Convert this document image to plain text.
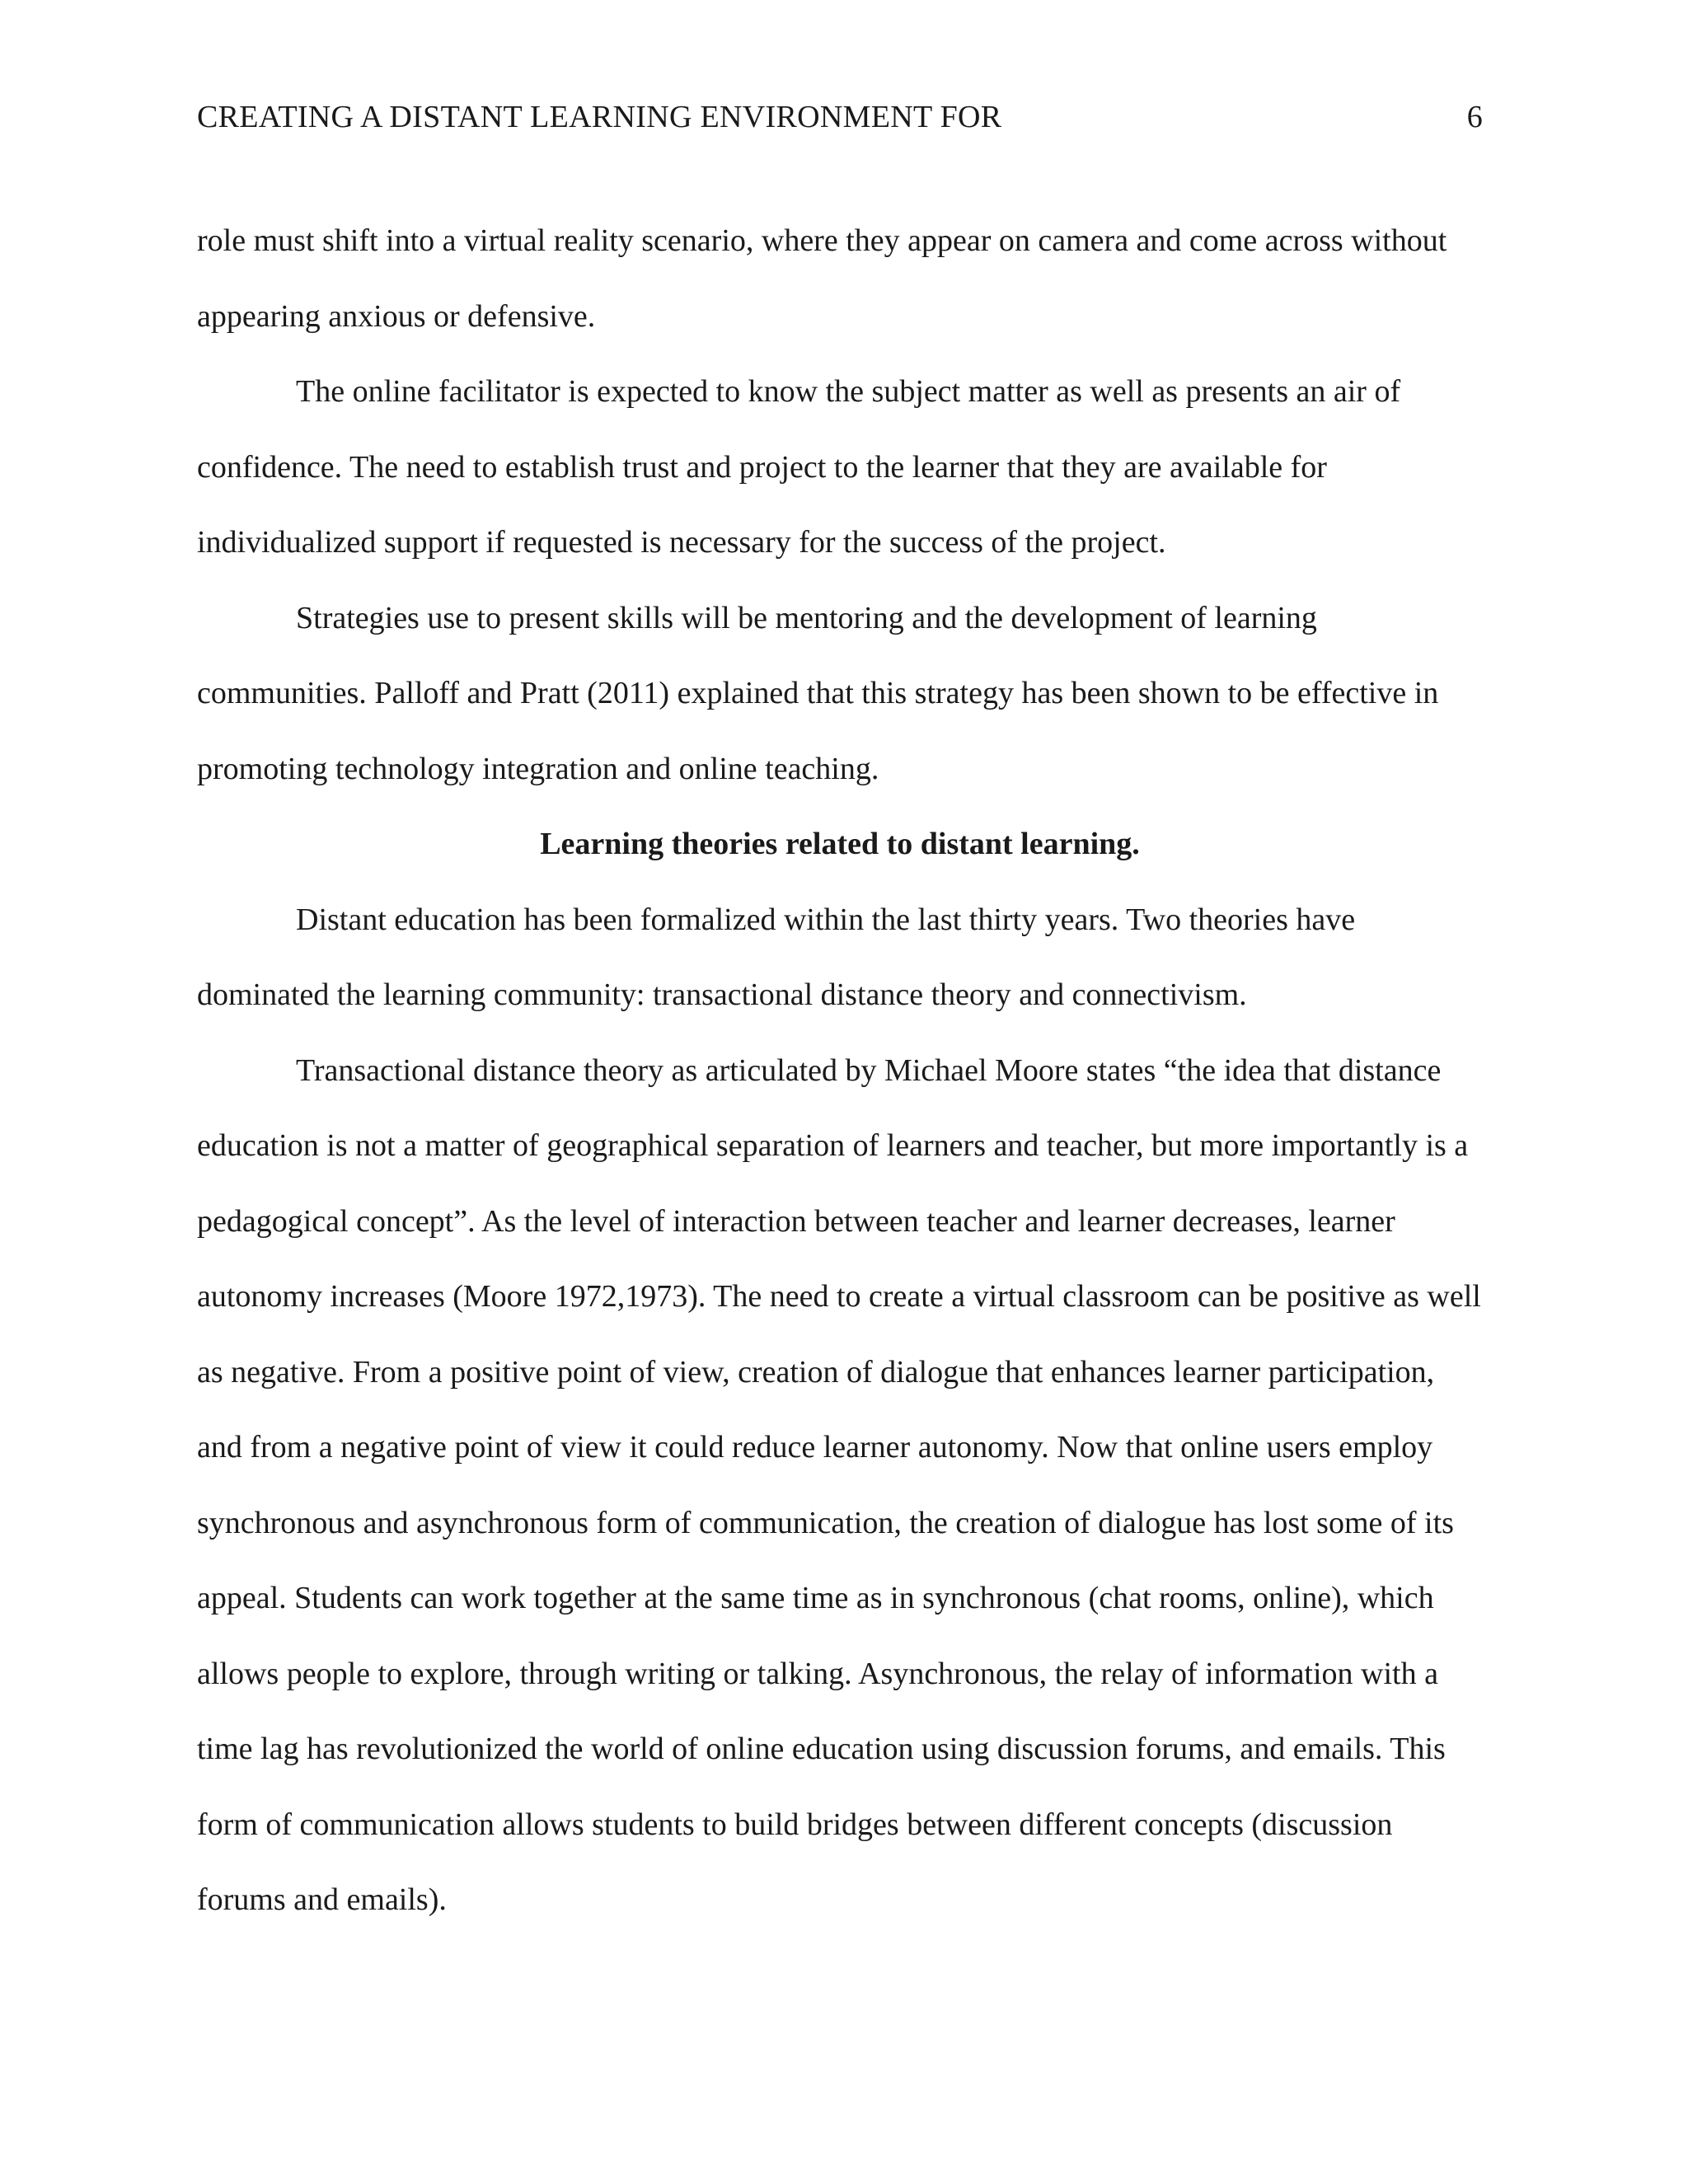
CREATING A DISTANT LEARNING ENVIRONMENT FOR	6

role must shift into a virtual reality scenario, where they appear on camera and come across without appearing anxious or defensive.

The online facilitator is expected to know the subject matter as well as presents an air of confidence. The need to establish trust and project to the learner that they are available for individualized support if requested is necessary for the success of the project.

Strategies use to present skills will be mentoring and the development of learning communities. Palloff and Pratt (2011) explained that this strategy has been shown to be effective in promoting technology integration and online teaching.

Learning theories related to distant learning.

Distant education has been formalized within the last thirty years. Two theories have dominated the learning community: transactional distance theory and connectivism.

Transactional distance theory as articulated by Michael Moore states “the idea that distance education is not a matter of geographical separation of learners and teacher, but more importantly is a pedagogical concept”. As the level of interaction between teacher and learner decreases, learner autonomy increases (Moore 1972,1973). The need to create a virtual classroom can be positive as well as negative. From a positive point of view, creation of dialogue that enhances learner participation, and from a negative point of view it could reduce learner autonomy. Now that online users employ synchronous and asynchronous form of communication, the creation of dialogue has lost some of its appeal. Students can work together at the same time as in synchronous (chat rooms, online), which allows people to explore, through writing or talking. Asynchronous, the relay of information with a time lag has revolutionized the world of online education using discussion forums, and emails. This form of communication allows students to build bridges between different concepts (discussion forums and emails).
